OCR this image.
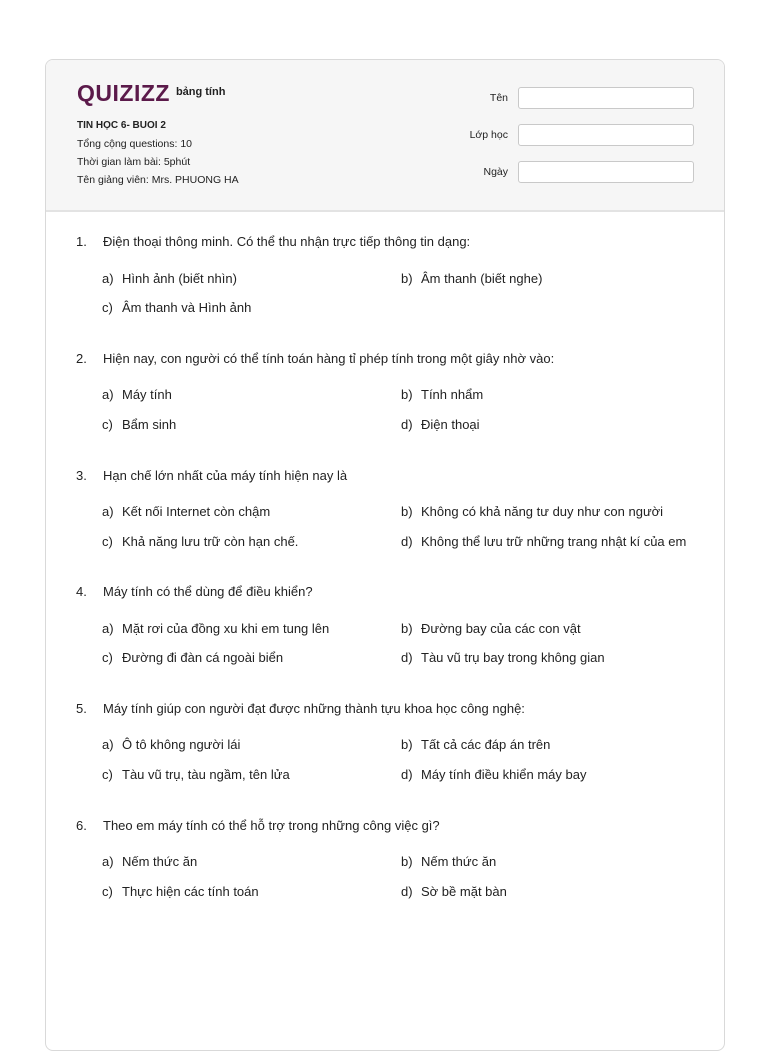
QUIZIZZ bảng tính
TIN HỌC 6- BUOI 2
Tổng cộng questions: 10
Thời gian làm bài: 5phút
Tên giảng viên: Mrs. PHUONG HA
Tên
Lớp học
Ngày
1. Điện thoại thông minh. Có thể thu nhận trực tiếp thông tin dạng:
a) Hình ảnh (biết nhìn)	b) Âm thanh (biết nghe)
c) Âm thanh và Hình ảnh
2. Hiện nay, con người có thể tính toán hàng tỉ phép tính trong một giây nhờ vào:
a) Máy tính	b) Tính nhẩm
c) Bẩm sinh	d) Điện thoại
3. Hạn chế lớn nhất của máy tính hiện nay là
a) Kết nối Internet còn chậm	b) Không có khả năng tư duy như con người
c) Khả năng lưu trữ còn hạn chế.	d) Không thể lưu trữ những trang nhật kí của em
4. Máy tính có thể dùng để điều khiển?
a) Mặt rơi của đồng xu khi em tung lên	b) Đường bay của các con vật
c) Đường đi đàn cá ngoài biển	d) Tàu vũ trụ bay trong không gian
5. Máy tính giúp con người đạt được những thành tựu khoa học công nghệ:
a) Ô tô không người lái	b) Tất cả các đáp án trên
c) Tàu vũ trụ, tàu ngầm, tên lửa	d) Máy tính điều khiển máy bay
6. Theo em máy tính có thể hỗ trợ trong những công việc gì?
a) Nếm thức ăn	b) Nếm thức ăn
c) Thực hiện các tính toán	d) Sờ bề mặt bàn
